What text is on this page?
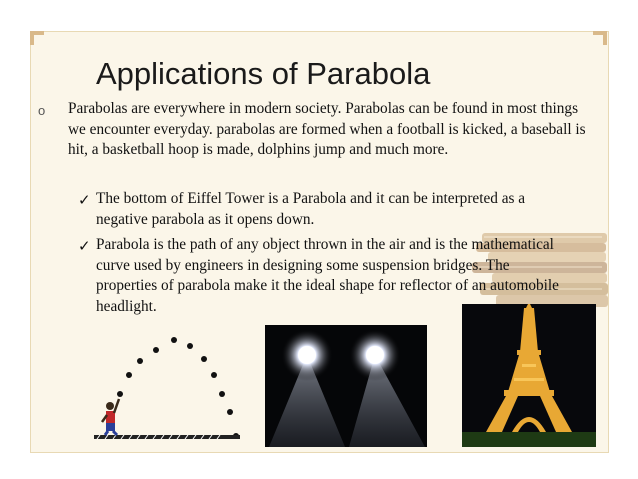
Applications of Parabola
o Parabolas are everywhere in modern society. Parabolas can be found in most things we encounter everyday. parabolas are formed when a football is kicked, a baseball is hit, a basketball hoop is made, dolphins jump and much more.

✓ The bottom of Eiffel Tower is a Parabola and it can be interpreted as a negative parabola as it opens down.

✓ Parabola is the path of any object thrown in the air and is the mathematical curve used by engineers in designing some suspension bridges. The properties of parabola make it the ideal shape for reflector of an automobile headlight.
